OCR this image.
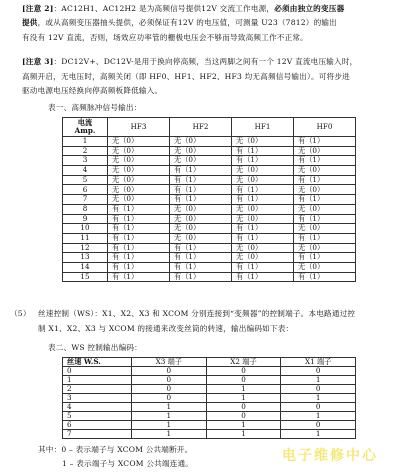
[注意 2]：AC12H1、AC12H2 是为高频信号提供12V 交流工作电源，必须由独立的变压器
提供，或从高频变压器抽头提供，必须保证有12V 的电压值，可测量 U23（7812）的输出
有没有 12V 直流，否则，场效应功率管的栅极电压会不够而导致高频工作不正常。
[注意 3]：DC12V+、DC12V-是用于换向停高频，当这两脚之间有一个 12V 直流电压输入时，
高频开启，无电压时，高频关闭（即 HF0、HF1、HF2、HF3 均无高频信号输出）。可将步进
驱动电源电压经换向停高频板降低输入。
表一、高频脉冲信号输出：
电流
Amp.	HF3	HF2	HF1	HF0
1	无（0）	无（0）	无（0）	有（1）
2	无（0）	无（0）	有（1）	无（0）
3	无（0）	无（0）	有（1）	有（1）
4	无（0）	有（1）	无（0）	无（0）
5	无（0）	有（1）	无（0）	有（1）
6	无（0）	有（1）	有（1）	无（0）
7	无（0）	有（1）	有（1）	有（1）
8	有（1）	无（0）	无（0）	无（0）
9	有（1）	无（0）	无（0）	有（1）
10	有（1）	无（0）	有（1）	无（0）
11	有（1）	无（0）	有（1）	有（1）
12	有（1）	有（1）	无（0）	无（0）
13	有（1）	有（1）	无（0）	有（1）
14	有（1）	有（1）	有（1）	无（0）
15	有（1）	有（1）	有（1）	有（1）
（5） 丝速控制（WS）：X1、X2、X3 和 XCOM 分别连接到“变频器”的控制端子。本电路通过控
制 X1、X2、X3 与 XCOM 的接通来改变丝筒的转速，输出编码如下表：
表二、WS 控制输出编码：
丝速 W.S.	X3 端子	X2 端子	X1 端子
0	0	0	0
1	0	0	1
2	0	1	0
3	0	1	1
4	1	0	0
5	1	0	1
6	1	1	0
7	1	1	1
其中：0 – 表示端子与 XCOM 公共端断开。
1 – 表示端子与 XCOM 公共端连通。	电子维修中心
